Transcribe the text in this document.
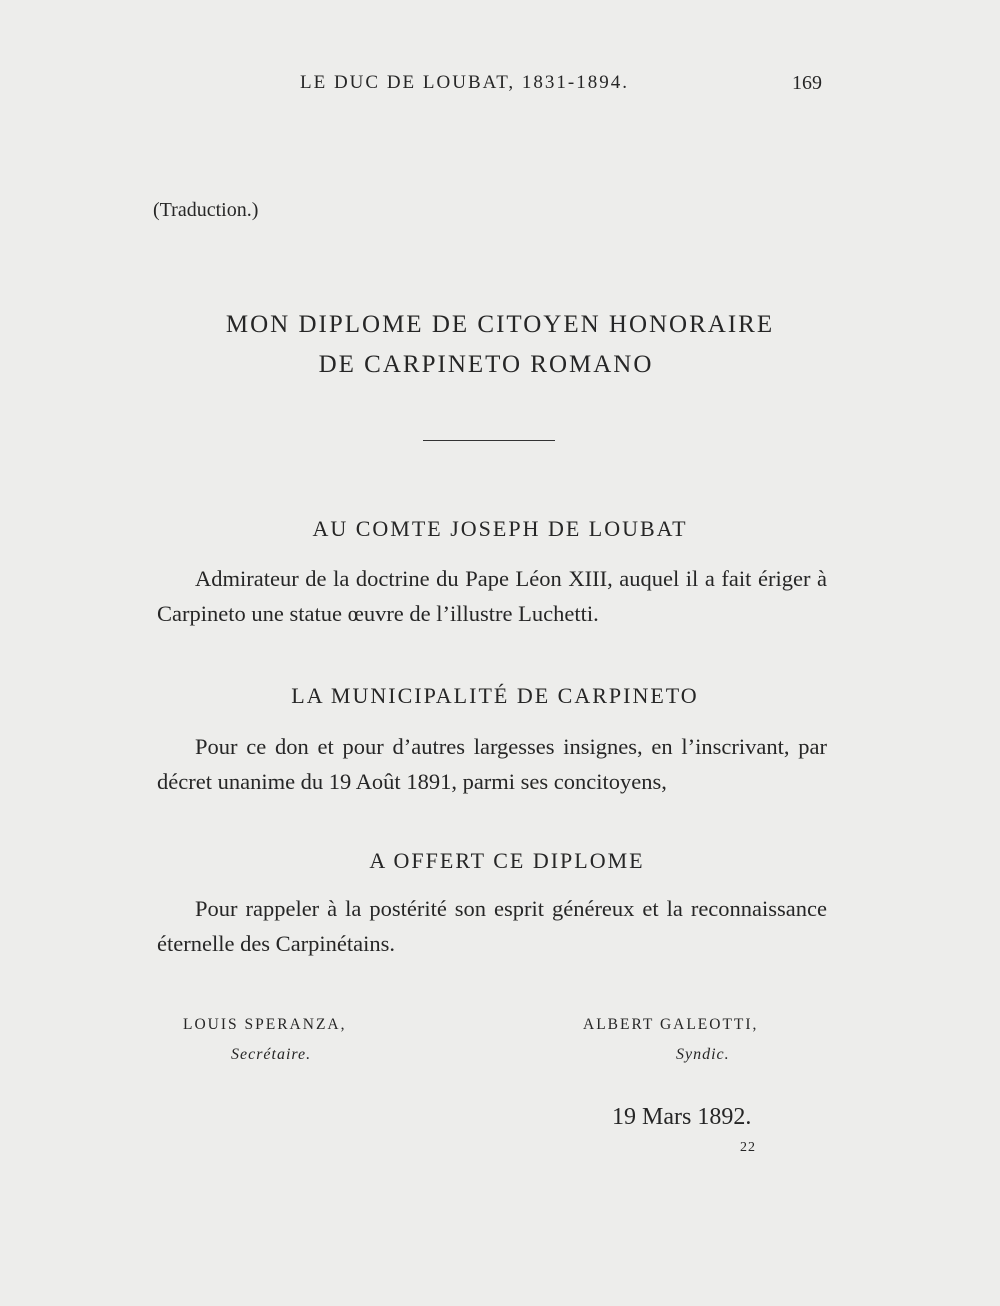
LE DUC DE LOUBAT, 1831-1894.	169
(Traduction.)
MON DIPLOME DE CITOYEN HONORAIRE
DE CARPINETO ROMANO
AU COMTE JOSEPH DE LOUBAT

Admirateur de la doctrine du Pape Léon XIII, auquel il a fait ériger à Carpineto une statue œuvre de l’illustre Luchetti.

LA MUNICIPALITÉ DE CARPINETO

Pour ce don et pour d’autres largesses insignes, en l’inscrivant, par décret unanime du 19 Août 1891, parmi ses concitoyens,

A OFFERT CE DIPLOME

Pour rappeler à la postérité son esprit généreux et la reconnaissance éternelle des Carpinétains.

LOUIS SPERANZA,
Secrétaire.
ALBERT GALEOTTI,
Syndic.
19 Mars 1892.
22
